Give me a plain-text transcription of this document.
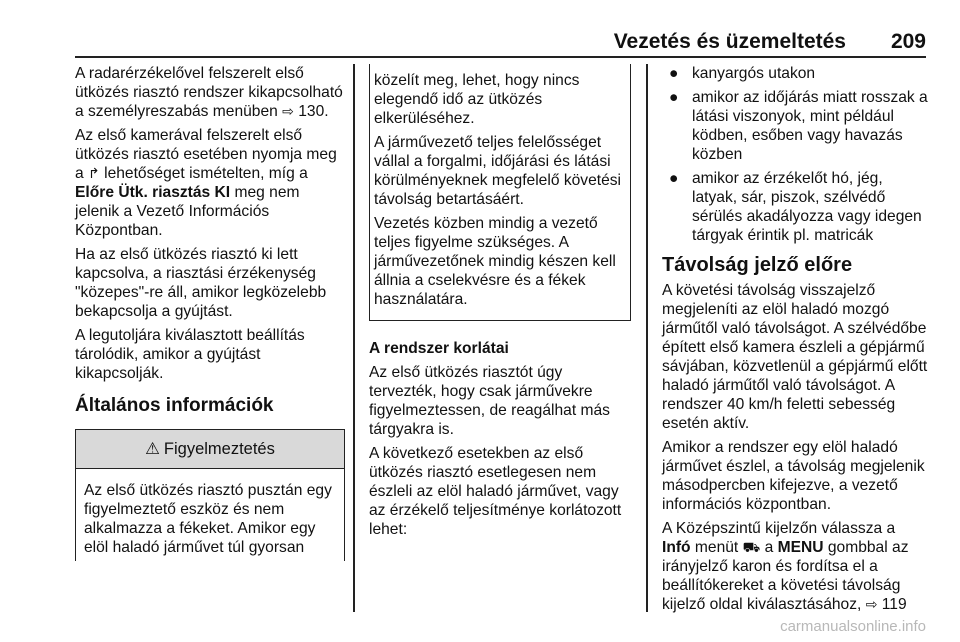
Vezetés és üzemeltetés 209

A radarérzékelővel felszerelt első ütközés riasztó rendszer kikapcsolható a személyreszabás menüben ⇨ 130.

Az első kamerával felszerelt első ütközés riasztó esetében nyomja meg a ↱ lehetőséget ismételten, míg a Előre Ütk. riasztás KI meg nem jelenik a Vezető Információs Központban.

Ha az első ütközés riasztó ki lett kapcsolva, a riasztási érzékenység "közepes"-re áll, amikor legközelebb bekapcsolja a gyújtást.

A legutoljára kiválasztott beállítás tárolódik, amikor a gyújtást kikapcsolják.

Általános információk
⚠ Figyelmeztetés
Az első ütközés riasztó pusztán egy figyelmeztető eszköz és nem alkalmazza a fékeket. Amikor egy elöl haladó járművet túl gyorsan

közelít meg, lehet, hogy nincs elegendő idő az ütközés elkerüléséhez.

A járművezető teljes felelősséget vállal a forgalmi, időjárási és látási körülményeknek megfelelő követési távolság betartásáért.

Vezetés közben mindig a vezető teljes figyelme szükséges. A járművezetőnek mindig készen kell állnia a cselekvésre és a fékek használatára.

A rendszer korlátai

Az első ütközés riasztót úgy tervezték, hogy csak járművekre figyelmeztessen, de reagálhat más tárgyakra is.

A következő esetekben az első ütközés riasztó esetlegesen nem észleli az elöl haladó járművet, vagy az érzékelő teljesítménye korlátozott lehet:

● kanyargós utakon
● amikor az időjárás miatt rosszak a látási viszonyok, mint például ködben, esőben vagy havazás közben
● amikor az érzékelőt hó, jég, latyak, sár, piszok, szélvédő sérülés akadályozza vagy idegen tárgyak érintik pl. matricák
Távolság jelző előre

A követési távolság visszajelző megjeleníti az elöl haladó mozgó járműtől való távolságot. A szélvédőbe épített első kamera észleli a gépjármű sávjában, közvetlenül a gépjármű előtt haladó járműtől való távolságot. A rendszer 40 km/h feletti sebesség esetén aktív.

Amikor a rendszer egy elöl haladó járművet észlel, a távolság megjelenik másodpercben kifejezve, a vezető információs központban.

A Középszintű kijelzőn válassza a Infó menüt ⛟ a MENU gombbal az irányjelző karon és fordítsa el a beállítókereket a követési távolság kijelző oldal kiválasztásához, ⇨ 119

carmanualsonline.info
